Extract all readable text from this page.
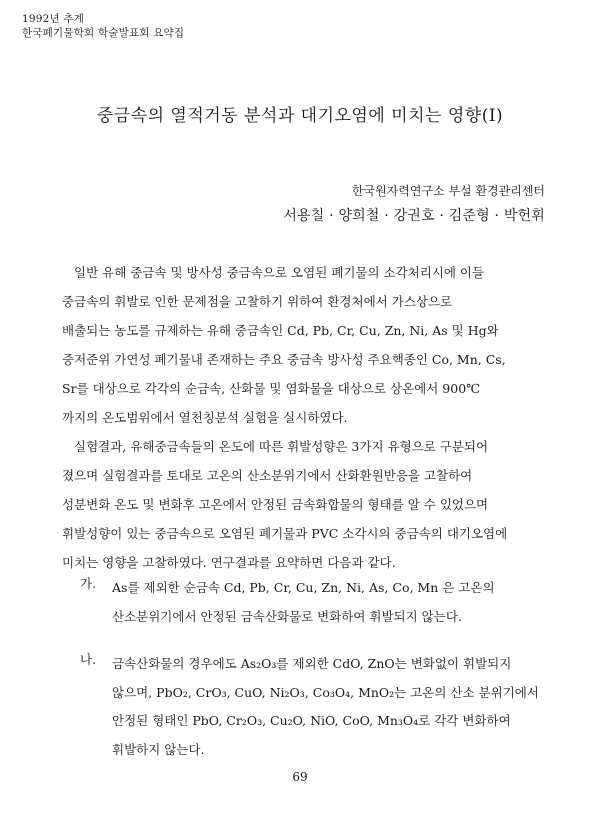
1992년 추계
한국폐기물학회 학술발표회 요약집
중금속의 열적거동 분석과 대기오염에 미치는 영향(I)
한국원자력연구소 부설 환경관리센터
서용칠 · 양희철 · 강권호 · 김준형 · 박헌휘
일반 유해 중금속 및 방사성 중금속으로 오염된 폐기물의 소각처리시에 이들
중금속의 휘발로 인한 문제점을 고찰하기 위하여 환경처에서 가스상으로
배출되는 농도를 규제하는 유해 중금속인 Cd, Pb, Cr, Cu, Zn, Ni, As 및 Hg와
중저준위 가연성 폐기물내 존재하는 주요 중금속 방사성 주요핵종인 Co, Mn, Cs,
Sr를 대상으로 각각의 순금속, 산화물 및 염화물을 대상으로 상온에서 900℃
까지의 온도범위에서 열천칭분석 실험을 실시하였다.
실험결과, 유해중금속들의 온도에 따른 휘발성향은 3가지 유형으로 구분되어
졌으며 실험결과를 토대로 고온의 산소분위기에서 산화환원반응을 고찰하여
성분변화 온도 및 변화후 고온에서 안정된 금속화합물의 형태를 알 수 있었으며
휘발성향이 있는 중금속으로 오염된 폐기물과 PVC 소각시의 중금속의 대기오염에
미치는 영향을 고찰하였다. 연구결과를 요약하면 다음과 같다.
가. As를 제외한 순금속 Cd, Pb, Cr, Cu, Zn, Ni, As, Co, Mn 은 고온의
산소분위기에서 안정된 금속산화물로 변화하여 휘발되지 않는다.
나. 금속산화물의 경우에도 As₂O₃를 제외한 CdO, ZnO는 변화없이 휘발되지
않으며, PbO₂, CrO₃, CuO, Ni₂O₃, Co₃O₄, MnO₂는 고온의 산소 분위기에서
안정된 형태인 PbO, Cr₂O₃, Cu₂O, NiO, CoO, Mn₃O₄로 각각 변화하여
휘발하지 않는다.
69
